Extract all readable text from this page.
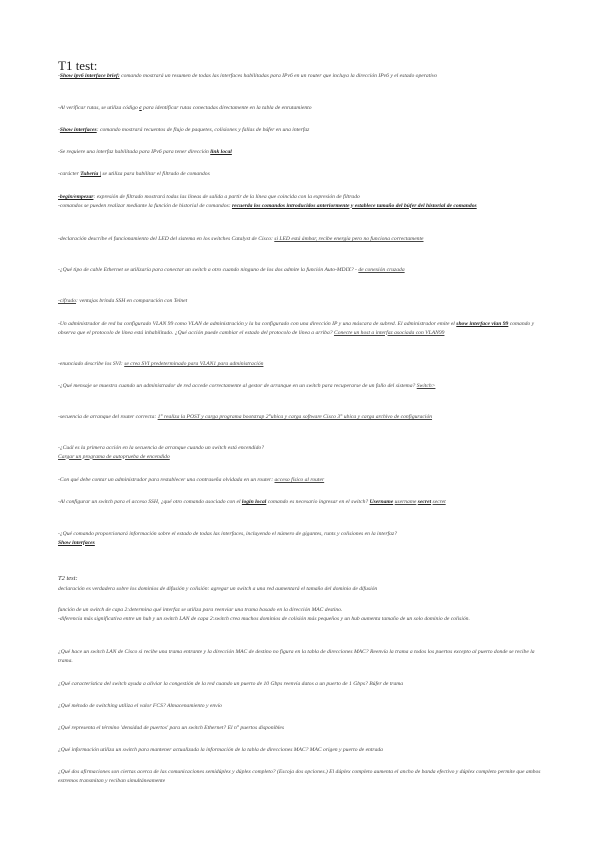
T1 test:
T2 test:
-Show ipv6 interface brief: comando mostrará un resumen de todas las interfaces habilitadas para IPv6 en un router que incluya la dirección IPv6 y el estado operativo
-Al verificar rutas, se utiliza código c para identificar rutas conectadas directamente en la tabla de enrutamiento
-Show interfaces: comando mostrará recuentos de flujo de paquetes, colisiones y fallas de búfer en una interfaz
-Se requiere una interfaz habilitada para IPv6 para tener dirección link local
-carácter Tubería | se utiliza para habilitar el filtrado de comandos
-begin/empezar: expresión de filtrado mostrará todas las líneas de salida a partir de la línea que coincida con la expresión de filtrado
-comandos se pueden realizar mediante la función de historial de comandos: recuerda los comandos introducidos anteriormente y establece tamaño del búfer del historial de comandos
-declaración describe el funcionamiento del LED del sistema en los switches Catalyst de Cisco: si LED está ámbar, recibe energía pero no funciona correctamente
-¿Qué tipo de cable Ethernet se utilizaría para conectar un switch a otro cuando ninguno de los dos admite la función Auto-MDIX? - de conexión cruzada
-cifrado: ventajas brinda SSH en comparación con Telnet
-Un administrador de red ha configurado VLAN 99 como VLAN de administración y la ha configurado con una dirección IP y una máscara de subred. El administrador emite el show interface vlan 99 comando y observa que el protocolo de línea está inhabilitado. ¿Qué acción puede cambiar el estado del protocolo de línea a arriba? Conecte un host a interfaz asociada con VLAN99
-enunciado describe los SVI: se crea SVI predeterminado para VLAN1 para administración
-¿Qué mensaje se muestra cuando un administrador de red accede correctamente al gestor de arranque en un switch para recuperarse de un fallo del sistema? Switch>
-secuencia de arranque del router correcta: 1° realiza la POST y carga programa bootstrap 2°ubica y carga software Cisco 3° ubica y carga archivo de configuración
-¿Cuál es la primera acción en la secuencia de arranque cuando un switch está encendido?
Cargar un programa de autoprueba de encendido
-Con qué debe contar un administrador para restablecer una contraseña olvidada en un router: acceso físico al router
-Al configurar un switch para el acceso SSH, ¿qué otro comando asociado con el login local comando es necesario ingresar en el switch? Username username secret secret
-¿Qué comando proporcionará información sobre el estado de todas las interfaces, incluyendo el número de gigantes, runts y colisiones en la interfaz?
Show interfaces
declaración es verdadera sobre los dominios de difusión y colisión: agregar un switch a una red aumentará el tamaño del dominio de difusión
función de un switch de capa 2:determina qué interfaz se utiliza para reenviar una trama basado en la dirección MAC destino.
-diferencia más significativa entre un hub y un switch LAN de capa 2:switch crea muchos dominios de colisión más pequeños y un hub aumenta tamaño de un solo dominio de colisión.
¿Qué hace un switch LAN de Cisco si recibe una trama entrante y la dirección MAC de destino no figura en la tabla de direcciones MAC? Reenvía la trama a todos los puertos excepto al puerto donde se recibe la trama.
¿Qué característica del switch ayuda a aliviar la congestión de la red cuando un puerto de 10 Gbps reenvía datos a un puerto de 1 Gbps? Búfer de trama
¿Qué método de switching utiliza el valor FCS? Almacenamiento y envío
¿Qué representa el término 'densidad de puertos' para un switch Ethernet? El n° puertos disponibles
¿Qué información utiliza un switch para mantener actualizada la información de la tabla de direcciones MAC? MAC origen y puerto de entrada
¿Qué dos afirmaciones son ciertas acerca de las comunicaciones semidúplex y dúplex completo? (Escoja dos opciones.) El dúplex completo aumenta el ancho de banda efectivo y dúplex completo permite que ambos extremos transmitan y reciban simultáneamente
